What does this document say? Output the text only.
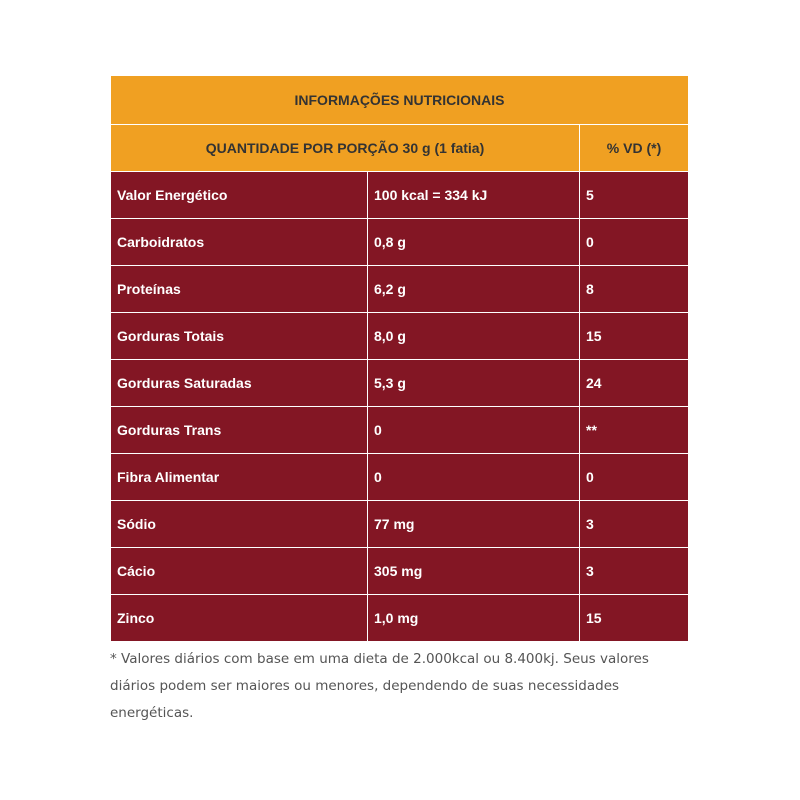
INFORMAÇÕES NUTRICIONAIS		
QUANTIDADE POR PORÇÃO 30 g (1 fatia)		% VD (*)
Valor Energético	100 kcal = 334 kJ	5
Carboidratos	0,8 g	0
Proteínas	6,2 g	8
Gorduras Totais	8,0 g	15
Gorduras Saturadas	5,3 g	24
Gorduras Trans	0	**
Fibra Alimentar	0	0
Sódio	77 mg	3
Cácio	305 mg	3
Zinco	1,0 mg	15

* Valores diários com base em uma dieta de 2.000kcal ou 8.400kj. Seus valores diários podem ser maiores ou menores, dependendo de suas necessidades energéticas.
